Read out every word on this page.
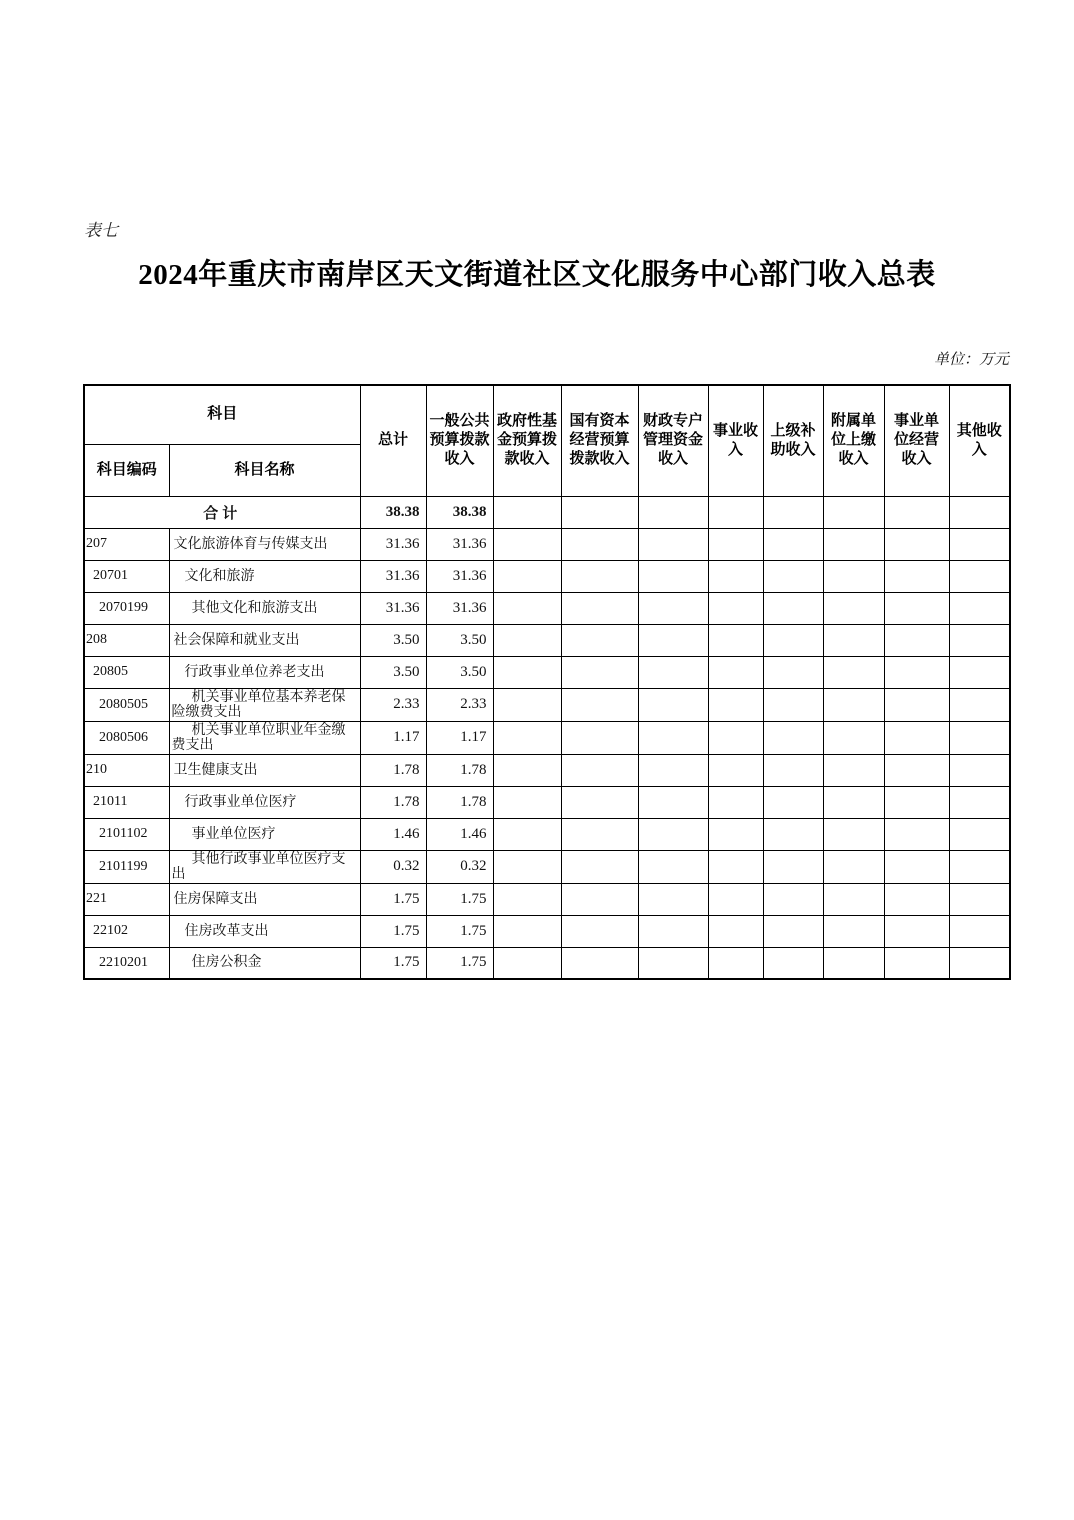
表七
2024年重庆市南岸区天文街道社区文化服务中心部门收入总表
单位：万元
科目		总计	一般公共预算拨款收入	政府性基金预算拨款收入	国有资本经营预算拨款收入	财政专户管理资金收入	事业收入	上级补助收入	附属单位上缴收入	事业单位经营收入	其他收入
科目编码	科目名称										
合计		38.38	38.38								
207	文化旅游体育与传媒支出	31.36	31.36								
20701	文化和旅游	31.36	31.36								
2070199	其他文化和旅游支出	31.36	31.36								
208	社会保障和就业支出	3.50	3.50								
20805	行政事业单位养老支出	3.50	3.50								
2080505	机关事业单位基本养老保险缴费支出	2.33	2.33								
2080506	机关事业单位职业年金缴费支出	1.17	1.17								
210	卫生健康支出	1.78	1.78								
21011	行政事业单位医疗	1.78	1.78								
2101102	事业单位医疗	1.46	1.46								
2101199	其他行政事业单位医疗支出	0.32	0.32								
221	住房保障支出	1.75	1.75								
22102	住房改革支出	1.75	1.75								
2210201	住房公积金	1.75	1.75								
